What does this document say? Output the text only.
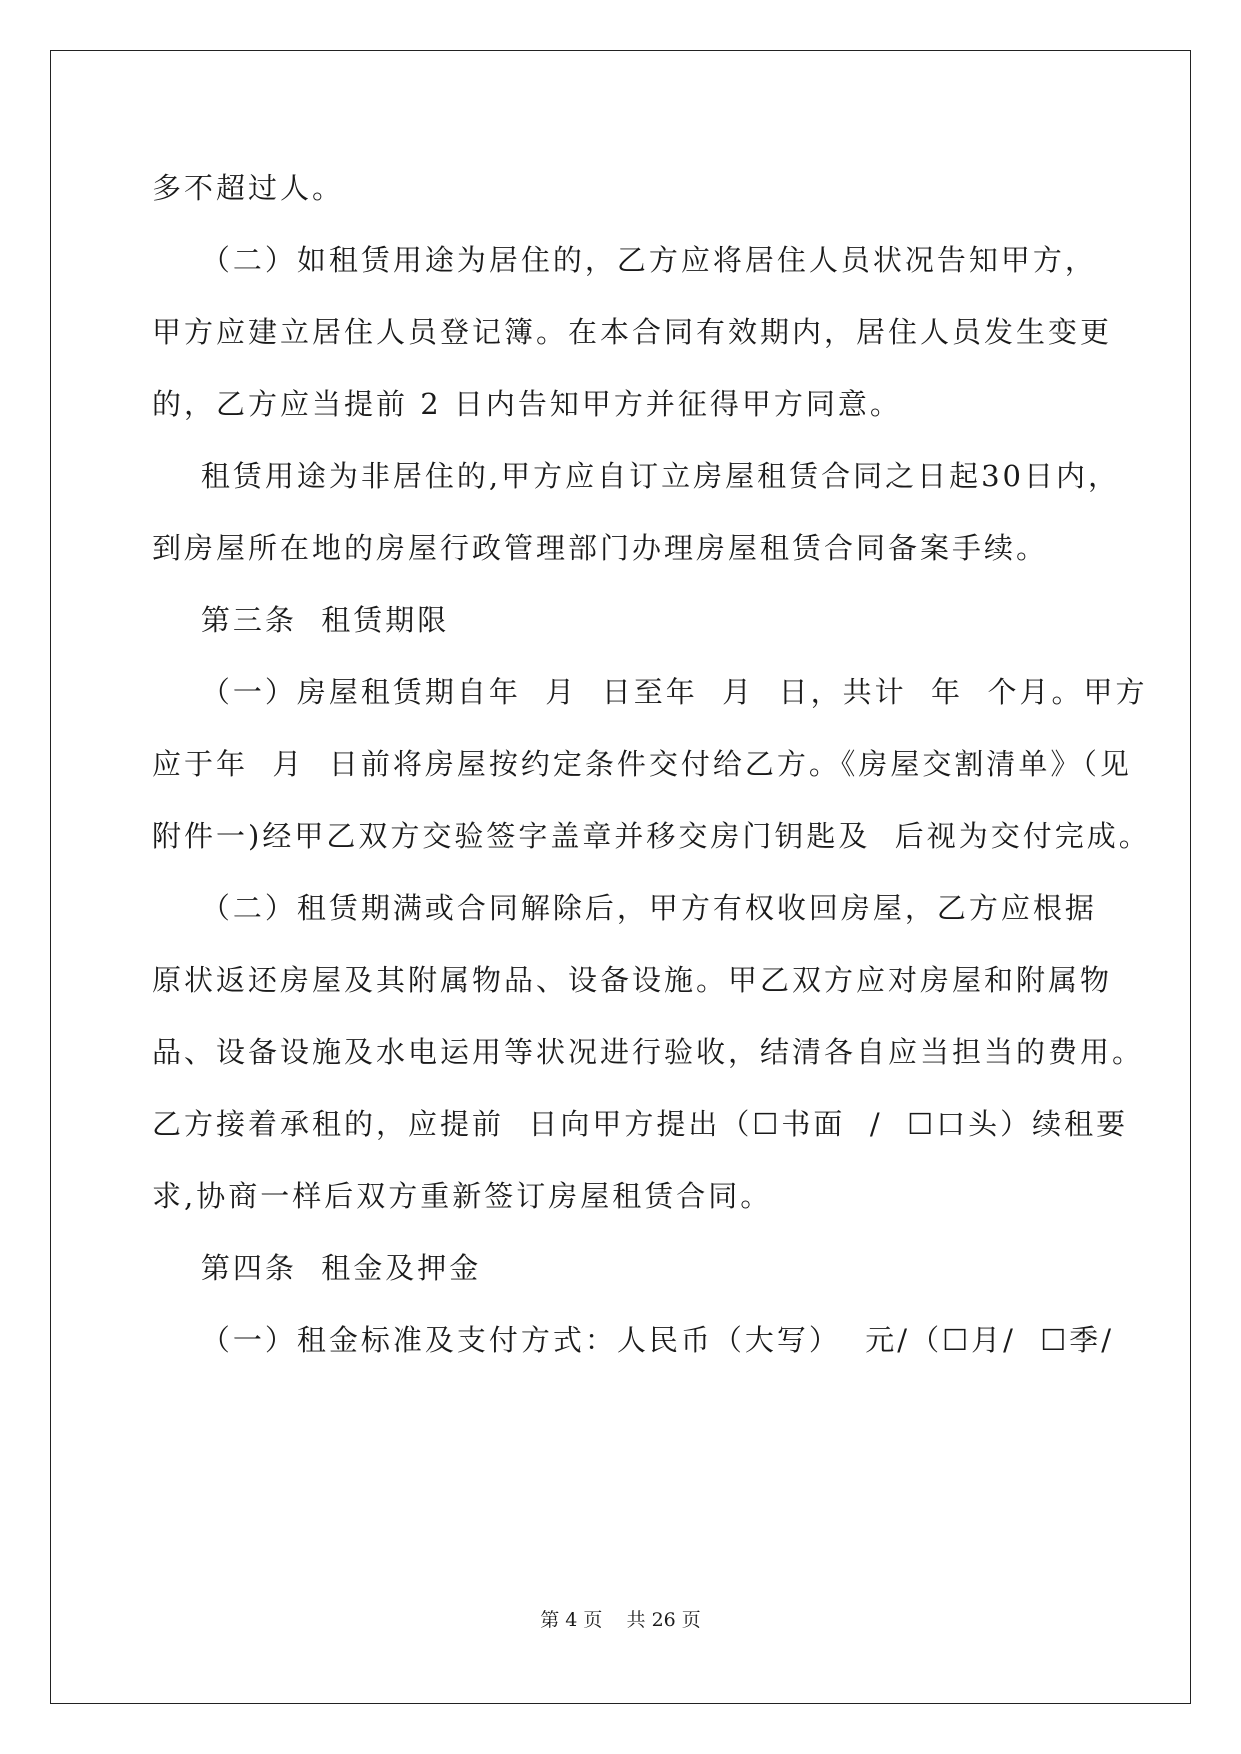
多不超过人。
（二）如租赁用途为居住的，乙方应将居住人员状况告知甲方，
甲方应建立居住人员登记簿。在本合同有效期内，居住人员发生变更
的，乙方应当提前 2 日内告知甲方并征得甲方同意。
租赁用途为非居住的,甲方应自订立房屋租赁合同之日起30日内，
到房屋所在地的房屋行政管理部门办理房屋租赁合同备案手续。
第三条  租赁期限
（一）房屋租赁期自年  月  日至年  月  日，共计  年  个月。甲方
应于年  月  日前将房屋按约定条件交付给乙方。《房屋交割清单》（见
附件一)经甲乙双方交验签字盖章并移交房门钥匙及  后视为交付完成。
（二）租赁期满或合同解除后，甲方有权收回房屋，乙方应根据
原状返还房屋及其附属物品、设备设施。甲乙双方应对房屋和附属物
品、设备设施及水电运用等状况进行验收，结清各自应当担当的费用。
乙方接着承租的，应提前  日向甲方提出（☐书面  /  ☐口头）续租要
求,协商一样后双方重新签订房屋租赁合同。
第四条  租金及押金
（一）租金标准及支付方式：人民币（大写）  元/（☐月/  ☐季/
第 4 页    共 26 页
